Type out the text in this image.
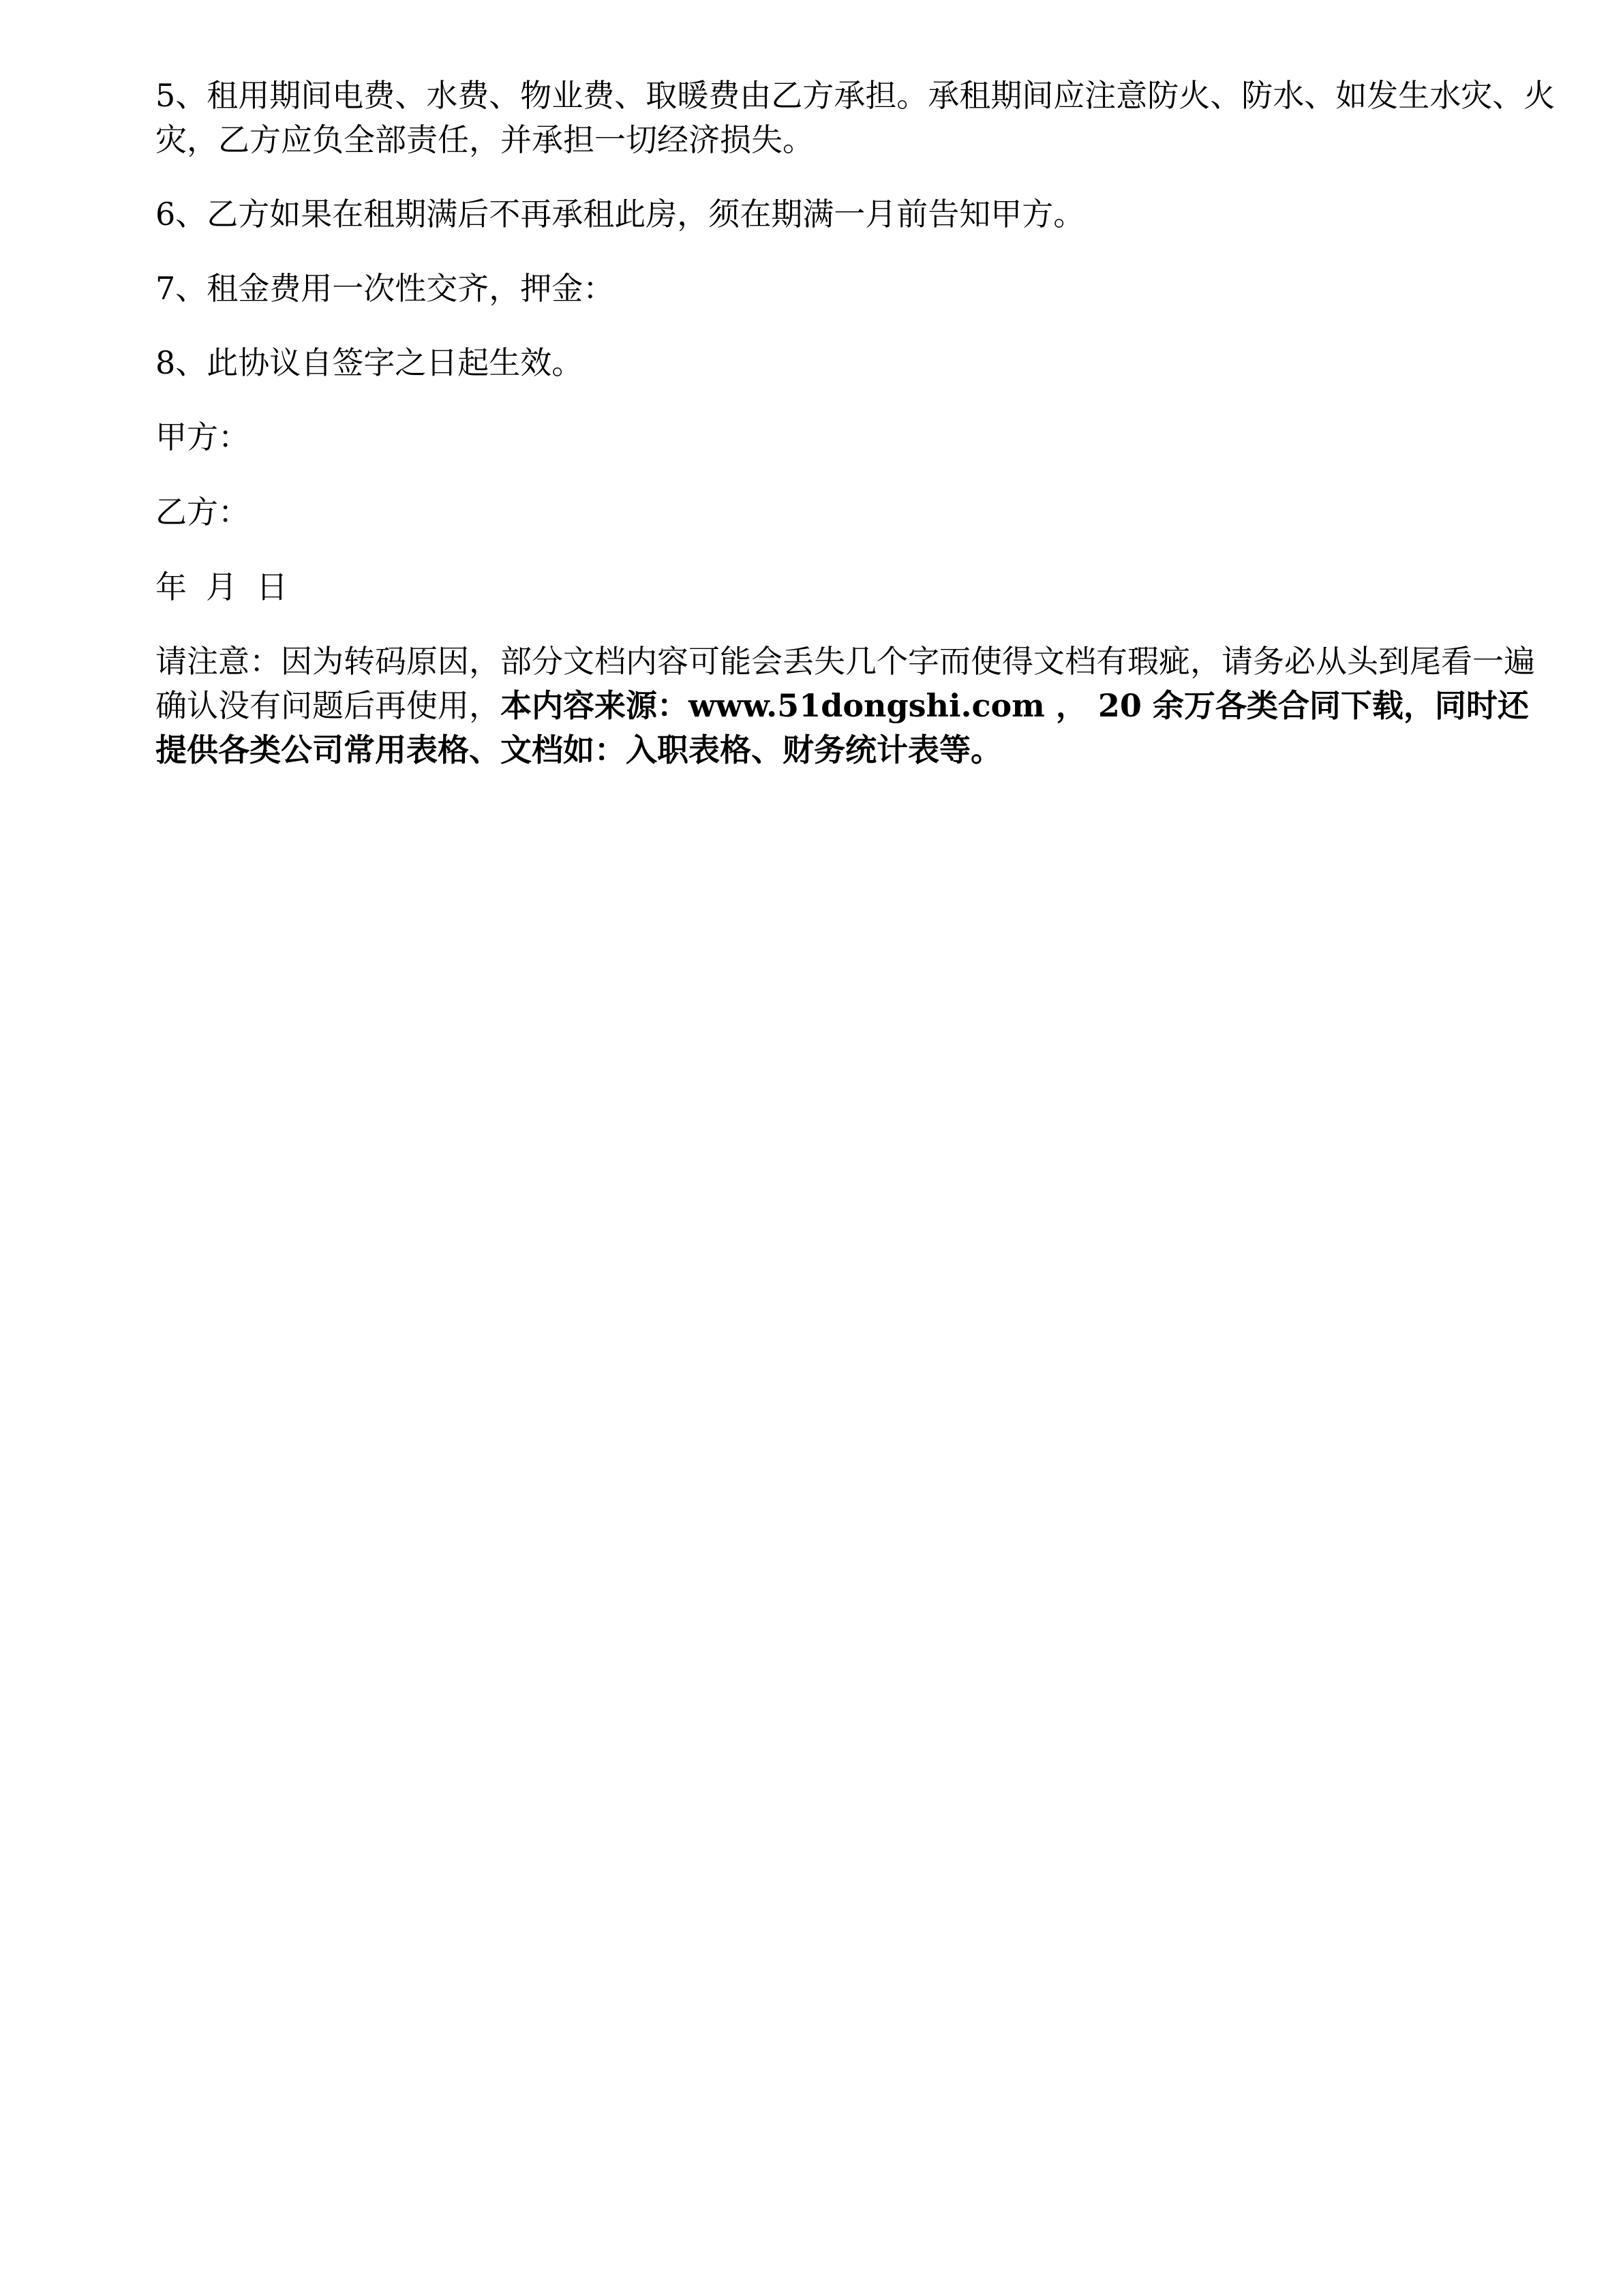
5、租用期间电费、水费、物业费、取暖费由乙方承担。承租期间应注意防火、防水、如发生水灾、火灾，乙方应负全部责任，并承担一切经济损失。

6、乙方如果在租期满后不再承租此房，须在期满一月前告知甲方。

7、租金费用一次性交齐，押金：

8、此协议自签字之日起生效。

甲方：

乙方：

年 月 日

请注意：因为转码原因，部分文档内容可能会丢失几个字而使得文档有瑕疵，请务必从头到尾看一遍确认没有问题后再使用，本内容来源：www.51dongshi.com ， 20 余万各类合同下载，同时还提供各类公司常用表格、文档如：入职表格、财务统计表等。
